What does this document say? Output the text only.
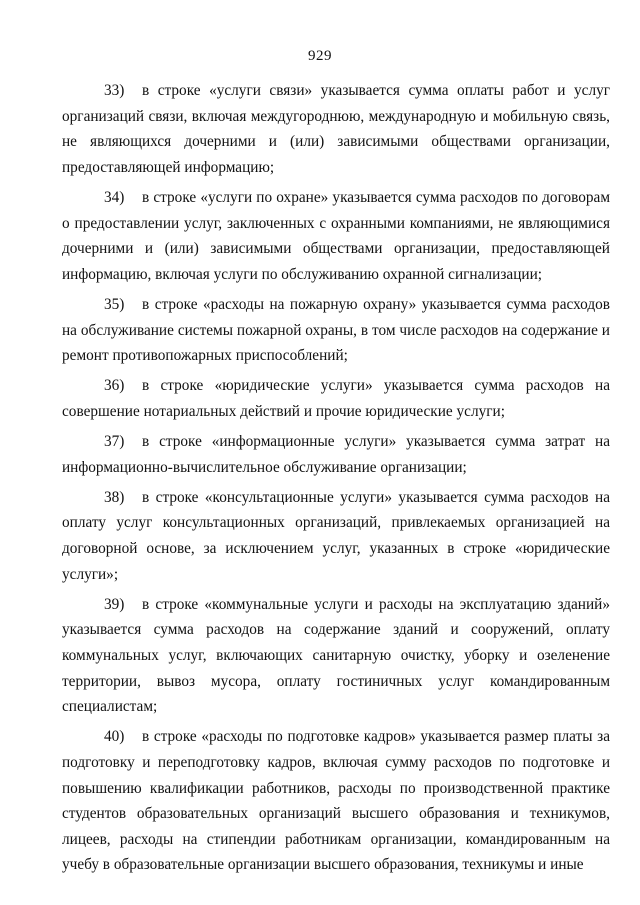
929

33) в строке «услуги связи» указывается сумма оплаты работ и услуг организаций связи, включая междугороднюю, международную и мобильную связь, не являющихся дочерними и (или) зависимыми обществами организации, предоставляющей информацию;

34) в строке «услуги по охране» указывается сумма расходов по договорам о предоставлении услуг, заключенных с охранными компаниями, не являющимися дочерними и (или) зависимыми обществами организации, предоставляющей информацию, включая услуги по обслуживанию охранной сигнализации;

35) в строке «расходы на пожарную охрану» указывается сумма расходов на обслуживание системы пожарной охраны, в том числе расходов на содержание и ремонт противопожарных приспособлений;

36) в строке «юридические услуги» указывается сумма расходов на совершение нотариальных действий и прочие юридические услуги;

37) в строке «информационные услуги» указывается сумма затрат на информационно-вычислительное обслуживание организации;

38) в строке «консультационные услуги» указывается сумма расходов на оплату услуг консультационных организаций, привлекаемых организацией на договорной основе, за исключением услуг, указанных в строке «юридические услуги»;

39) в строке «коммунальные услуги и расходы на эксплуатацию зданий» указывается сумма расходов на содержание зданий и сооружений, оплату коммунальных услуг, включающих санитарную очистку, уборку и озеленение территории, вывоз мусора, оплату гостиничных услуг командированным специалистам;

40) в строке «расходы по подготовке кадров» указывается размер платы за подготовку и переподготовку кадров, включая сумму расходов по подготовке и повышению квалификации работников, расходы по производственной практике студентов образовательных организаций высшего образования и техникумов, лицеев, расходы на стипендии работникам организации, командированным на учебу в образовательные организации высшего образования, техникумы и иные
